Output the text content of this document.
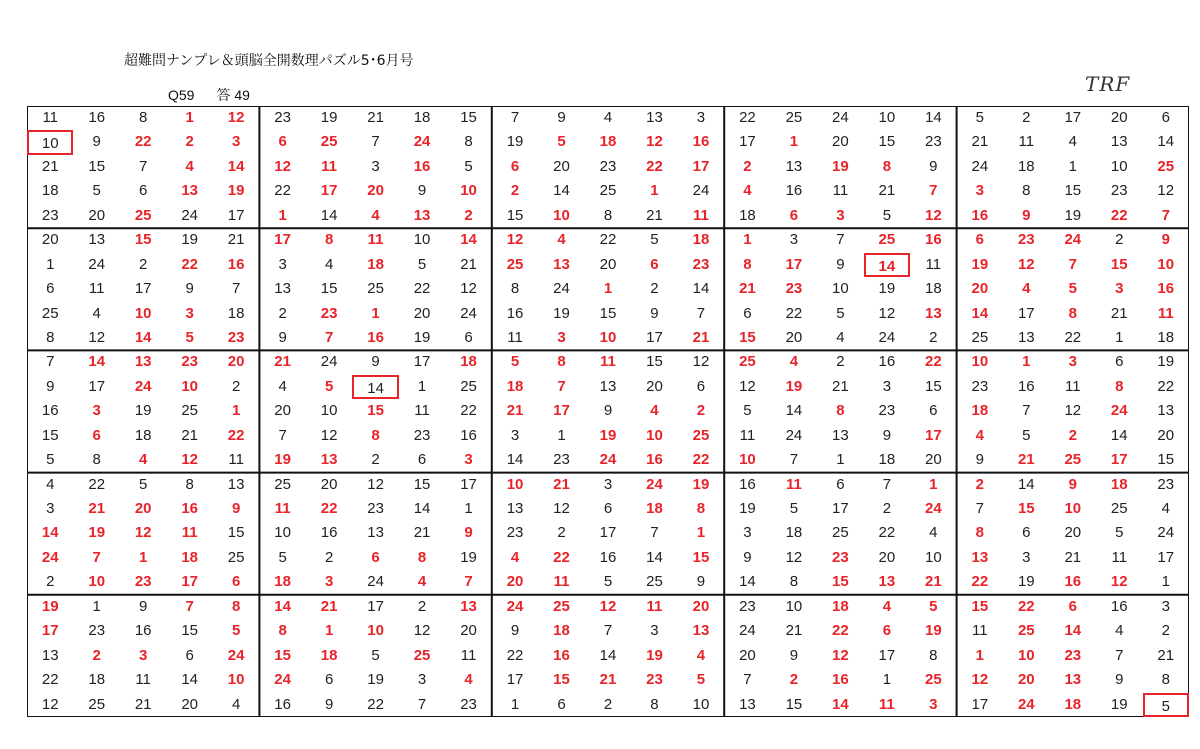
超難問ナンプレ＆頭脳全開数理パズル5･6月号
Q59 答 49	TRF
11	16	8	1	12	23	19	21	18	15	7	9	4	13	3	22	25	24	10	14	5	2	17	20	6
10	9	22	2	3	6	25	7	24	8	19	5	18	12	16	17	1	20	15	23	21	11	4	13	14
21	15	7	4	14	12	11	3	16	5	6	20	23	22	17	2	13	19	8	9	24	18	1	10	25
18	5	6	13	19	22	17	20	9	10	2	14	25	1	24	4	16	11	21	7	3	8	15	23	12
23	20	25	24	17	1	14	4	13	2	15	10	8	21	11	18	6	3	5	12	16	9	19	22	7
20	13	15	19	21	17	8	11	10	14	12	4	22	5	18	1	3	7	25	16	6	23	24	2	9
1	24	2	22	16	3	4	18	5	21	25	13	20	6	23	8	17	9	14	11	19	12	7	15	10
6	11	17	9	7	13	15	25	22	12	8	24	1	2	14	21	23	10	19	18	20	4	5	3	16
25	4	10	3	18	2	23	1	20	24	16	19	15	9	7	6	22	5	12	13	14	17	8	21	11
8	12	14	5	23	9	7	16	19	6	11	3	10	17	21	15	20	4	24	2	25	13	22	1	18
7	14	13	23	20	21	24	9	17	18	5	8	11	15	12	25	4	2	16	22	10	1	3	6	19
9	17	24	10	2	4	5	14	1	25	18	7	13	20	6	12	19	21	3	15	23	16	11	8	22
16	3	19	25	1	20	10	15	11	22	21	17	9	4	2	5	14	8	23	6	18	7	12	24	13
15	6	18	21	22	7	12	8	23	16	3	1	19	10	25	11	24	13	9	17	4	5	2	14	20
5	8	4	12	11	19	13	2	6	3	14	23	24	16	22	10	7	1	18	20	9	21	25	17	15
4	22	5	8	13	25	20	12	15	17	10	21	3	24	19	16	11	6	7	1	2	14	9	18	23
3	21	20	16	9	11	22	23	14	1	13	12	6	18	8	19	5	17	2	24	7	15	10	25	4
14	19	12	11	15	10	16	13	21	9	23	2	17	7	1	3	18	25	22	4	8	6	20	5	24
24	7	1	18	25	5	2	6	8	19	4	22	16	14	15	9	12	23	20	10	13	3	21	11	17
2	10	23	17	6	18	3	24	4	7	20	11	5	25	9	14	8	15	13	21	22	19	16	12	1
19	1	9	7	8	14	21	17	2	13	24	25	12	11	20	23	10	18	4	5	15	22	6	16	3
17	23	16	15	5	8	1	10	12	20	9	18	7	3	13	24	21	22	6	19	11	25	14	4	2
13	2	3	6	24	15	18	5	25	11	22	16	14	19	4	20	9	12	17	8	1	10	23	7	21
22	18	11	14	10	24	6	19	3	4	17	15	21	23	5	7	2	16	1	25	12	20	13	9	8
12	25	21	20	4	16	9	22	7	23	1	6	2	8	10	13	15	14	11	3	17	24	18	19	5
